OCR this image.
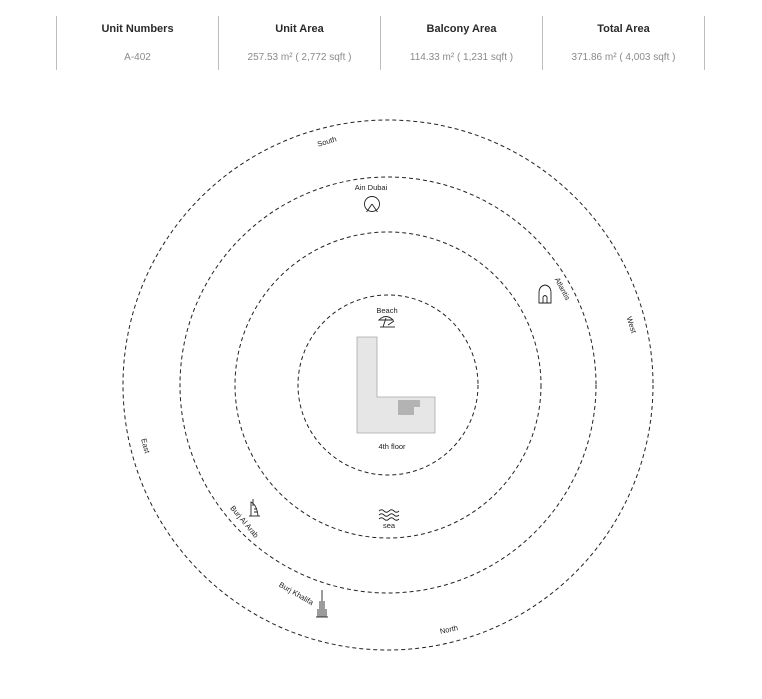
Unit Numbers
A-402
Unit Area
257.53 m² ( 2,772 sqft )
Balcony Area
114.33 m² ( 1,231 sqft )
Total Area
371.86 m² ( 4,003 sqft )
4th floor
South
West
North
East
Ain Dubai
Atlantis
Beach
sea
Burj Al Arab
Burj Khalifa
